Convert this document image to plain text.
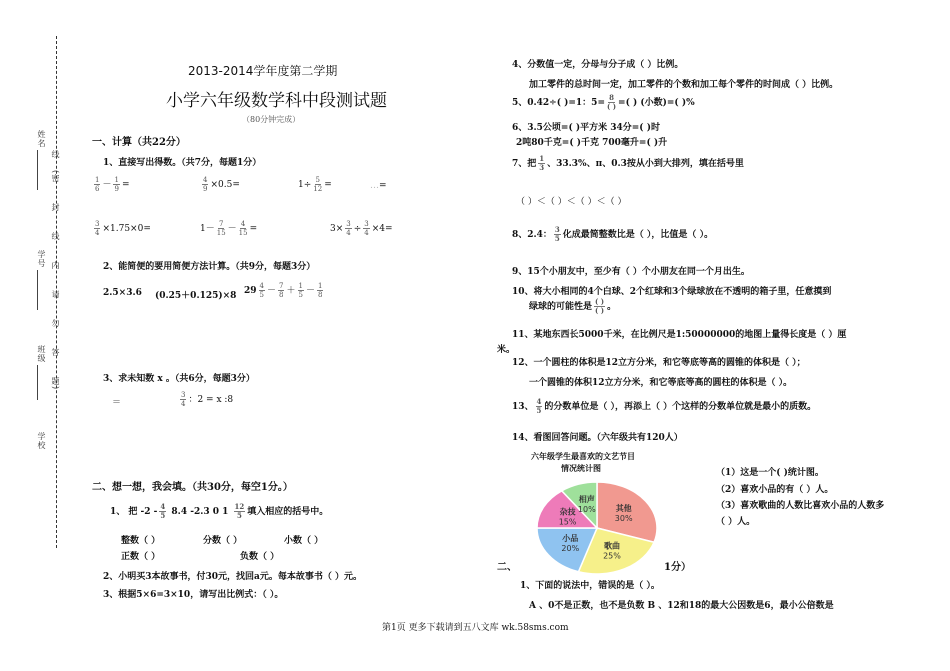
姓名
线
学号
班级
学校
(密
封
线
内
请
勿
答
题)
2013-2014学年度第二学期
小学六年级数学科中段测试题
（80分钟完成）
一、计算（共22分）
1、直接写出得数。（共7分，每题1分）
$\frac{1}{6} - \frac{1}{9}$ =	$\frac{4}{9} \times 0.5=$	$1\div \frac{5}{12}$ =	…=
$\frac{3}{4} \times 1.75\times 0=$	$1- \frac{7}{15} - \frac{4}{15}$ =	$3\times \frac{3}{4} \div \frac{3}{4} \times 4=$
2、能简便的要用简便方法计算。（共9分，每题3分）
2.5×3.6 (0.25＋0.125)×8 $29 \frac{4}{5} - \frac{7}{8} + \frac{1}{5} - \frac{1}{8}$
3、求未知数 x 。（共6分，每题3分）
＝	$\frac{3}{4}$ ：2 = x :8
二、想一想，我会填。（共30分，每空1分。）
1、 把 $-2 - \frac{4}{5} 8.4$ -2.3 0 $1 \frac{12}{5}$ 填入相应的括号中。
整数（ ）	分数（ ）	小数（ ）
正数（ ）	负数（ ）
2、小明买3本故事书，付30元，找回a元。每本故事书（ ）元。
3、根据5×6=3×10，请写出比例式：（ ）。
4、分数值一定，分母与分子成（ ）比例。
加工零件的总时间一定，加工零件的个数和加工每个零件的时间成（ ）比例。
5、0.42÷( )=1：$5= \frac{8}{( )}$ =( ) (小数)=( )%
6、3.5公顷=( )平方米 34分=( )时
2吨80千克=( )千克 700毫升=( )升
7、把 $\frac{1}{3}$ 、33.3%、π、0.3按从小到大排列，填在括号里
（ ）＜（ ）＜（ ）＜（ ）
8、2.4： $\frac{3}{5}$ 化成最简整数比是（ ），比值是（ ）。
9、15个小朋友中，至少有（ ）个小朋友在同一个月出生。
10、将大小相同的4个白球、2个红球和3个绿球放在不透明的箱子里，任意摸到
绿球的可能性是 $\frac{( )}{( )}$ 。
11、某地东西长5000千米，在比例尺是1:50000000的地图上量得长度是（ ）厘
米。
12、一个圆柱的体积是12立方分米，和它等底等高的圆锥的体积是（ ）；
一个圆锥的体积12立方分米，和它等底等高的圆柱的体积是（ ）。
13、 $\frac{4}{5}$ 的分数单位是（ ），再添上（ ）个这样的分数单位就是最小的质数。
14、看图回答问题。（六年级共有120人）
六年级学生最喜欢的文艺节目
情况统计图
其他
30%
歌曲
25%
小品
20%
杂技
15%
相声
10%
（1）这是一个( )统计图。
（2）喜欢小品的有（ ）人。
（3）喜欢歌曲的人数比喜欢小品的人数多
（ ）人。
二、	1分）
1、下面的说法中，错误的是（ ）。
A 、0不是正数，也不是负数 B 、12和18的最大公因数是6，最小公倍数是
第1页 更多下载请到五八文库 wk.58sms.com
